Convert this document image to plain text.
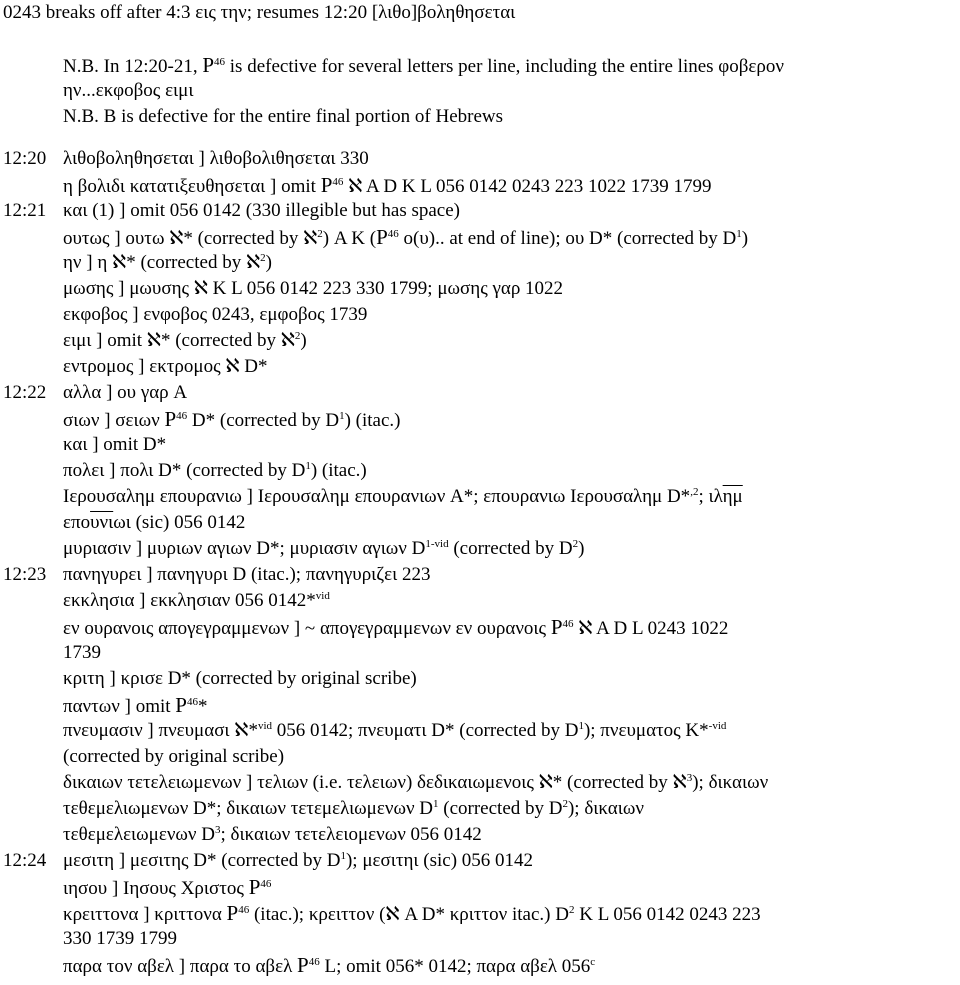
0243 breaks off after 4:3 εις την; resumes 12:20 [λιθο]βοληθησεται
N.B. In 12:20-21, $P^{46}$ is defective for several letters per line, including the entire lines φοβερον
ην...εκφοβος ειμι
N.B. B is defective for the entire final portion of Hebrews
λιθοβοληθησεται ] λιθοβολιθησεται 330
η βολιδι κατατιξευθησεται ] omit $P^{46}$ ℵ A D K L 056 0142 0243 223 1022 1739 1799
και (1) ] omit 056 0142 (330 illegible but has space)
ουτως ] ουτω ℵ* (corrected by ℵ$^2$) A K ($P^{46}$ ο(υ).. at end of line); ου D* (corrected by $D^1$)
ην ] η ℵ* (corrected by ℵ$^2$)
μωσης ] μωυσης ℵ K L 056 0142 223 330 1799; μωσης γαρ 1022
εκφοβος ] ενφοβος 0243, εμφοβος 1739
ειμι ] omit ℵ* (corrected by ℵ$^2$)
εντρομος ] εκτρομος ℵ D*
αλλα ] ου γαρ A
σιων ] σειων $P^{46}$ D* (corrected by $D^1$) (itac.)
και ] omit D*
πολει ] πολι D* (corrected by $D^1$) (itac.)
Ιερουσαλημ επουρανιω ] Ιερουσαλημ επουρανιων A*; επουρανιω Ιερουσαλημ D*$^{,2}$; $\iota\lambda\overline{\eta\mu}$
$\varepsilon\pi o\overline{\upsilon\nu\iota}\omega\iota$ (sic) 056 0142
μυριασιν ] μυριων αγιων D*; μυριασιν αγιων $D^{1-vid}$ (corrected by $D^2$)
πανηγυρει ] πανηγυρι D (itac.); πανηγυριζει 223
εκκλησια ] εκκλησιαν 056 0142*$^{vid}$
εν ουρανοις απογεγραμμενων ] ~ απογεγραμμενων εν ουρανοις $P^{46}$ ℵ A D L 0243 1022
1739
κριτη ] κρισε D* (corrected by original scribe)
παντων ] omit $P^{46}*$
πνευμασιν ] πνευμασι ℵ*$^{vid}$ 056 0142; πνευματι D* (corrected by $D^1$); πνευματος K*$^{-vid}$
(corrected by original scribe)
δικαιων τετελειωμενων ] τελιων (i.e. τελειων) δεδικαιωμενοις ℵ* (corrected by ℵ$^3$); δικαιων
τεθεμελιωμενων D*; δικαιων τετεμελιωμενων $D^1$ (corrected by $D^2$); δικαιων
τεθεμελειωμενων $D^3$; δικαιων τετελειομενων 056 0142
μεσιτη ] μεσιτης D* (corrected by $D^1$); μεσιτηι (sic) 056 0142
ιησου ] Ιησους Χριστος $P^{46}$
κρειττονα ] κριττονα $P^{46}$ (itac.); κρειττον (ℵ A D* κριττον itac.) $D^2$ K L 056 0142 0243 223
330 1739 1799
παρα τον αβελ ] παρα το αβελ $P^{46}$ L; omit 056* 0142; παρα αβελ 056$^c$
12:20
12:21
12:22
12:23
12:24
